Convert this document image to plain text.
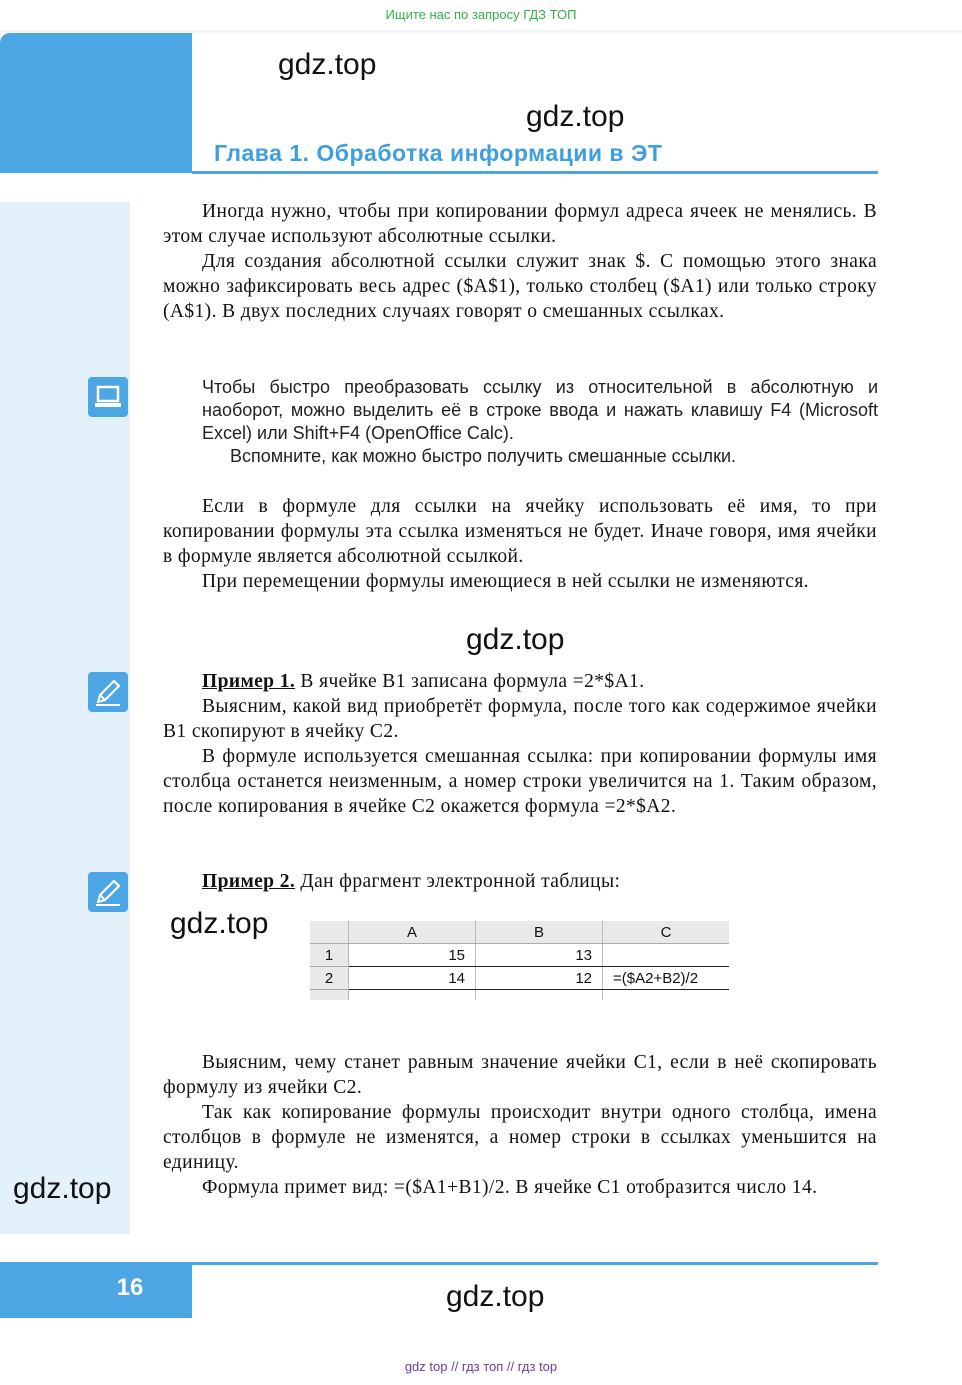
Ищите нас по запросу ГДЗ ТОП
gdz.top
gdz.top
Глава 1. Обработка информации в ЭТ

Иногда нужно, чтобы при копировании формул адреса ячеек не менялись. В этом случае используют абсолютные ссылки.

Для создания абсолютной ссылки служит знак $. С помощью этого знака можно зафиксировать весь адрес ($A$1), только столбец ($A1) или только строку (A$1). В двух последних случаях говорят о смешанных ссылках.

Чтобы быстро преобразовать ссылку из относительной в абсолютную и наоборот, можно выделить её в строке ввода и нажать клавишу F4 (Microsoft Excel) или Shift+F4 (OpenOffice Calc).

Вспомните, как можно быстро получить смешанные ссылки.

Если в формуле для ссылки на ячейку использовать её имя, то при копировании формулы эта ссылка изменяться не будет. Иначе говоря, имя ячейки в формуле является абсолютной ссылкой.

При перемещении формулы имеющиеся в ней ссылки не изменяются.

gdz.top

Пример 1. В ячейке B1 записана формула =2*$A1.

Выясним, какой вид приобретёт формула, после того как содержимое ячейки B1 скопируют в ячейку C2.

В формуле используется смешанная ссылка: при копировании формулы имя столбца останется неизменным, а номер строки увеличится на 1. Таким образом, после копирования в ячейке C2 окажется формула =2*$A2.

Пример 2. Дан фрагмент электронной таблицы:

gdz.top
		A	B	C
1	15	13	
2	14	12	=($A2+B2)/2

Выясним, чему станет равным значение ячейки C1, если в неё скопировать формулу из ячейки C2.

Так как копирование формулы происходит внутри одного столбца, имена столбцов в формуле не изменятся, а номер строки в ссылках уменьшится на единицу.

Формула примет вид: =($A1+B1)/2. В ячейке C1 отобразится число 14.

gdz.top
16	gdz.top
gdz top // гдз топ // гдз top
